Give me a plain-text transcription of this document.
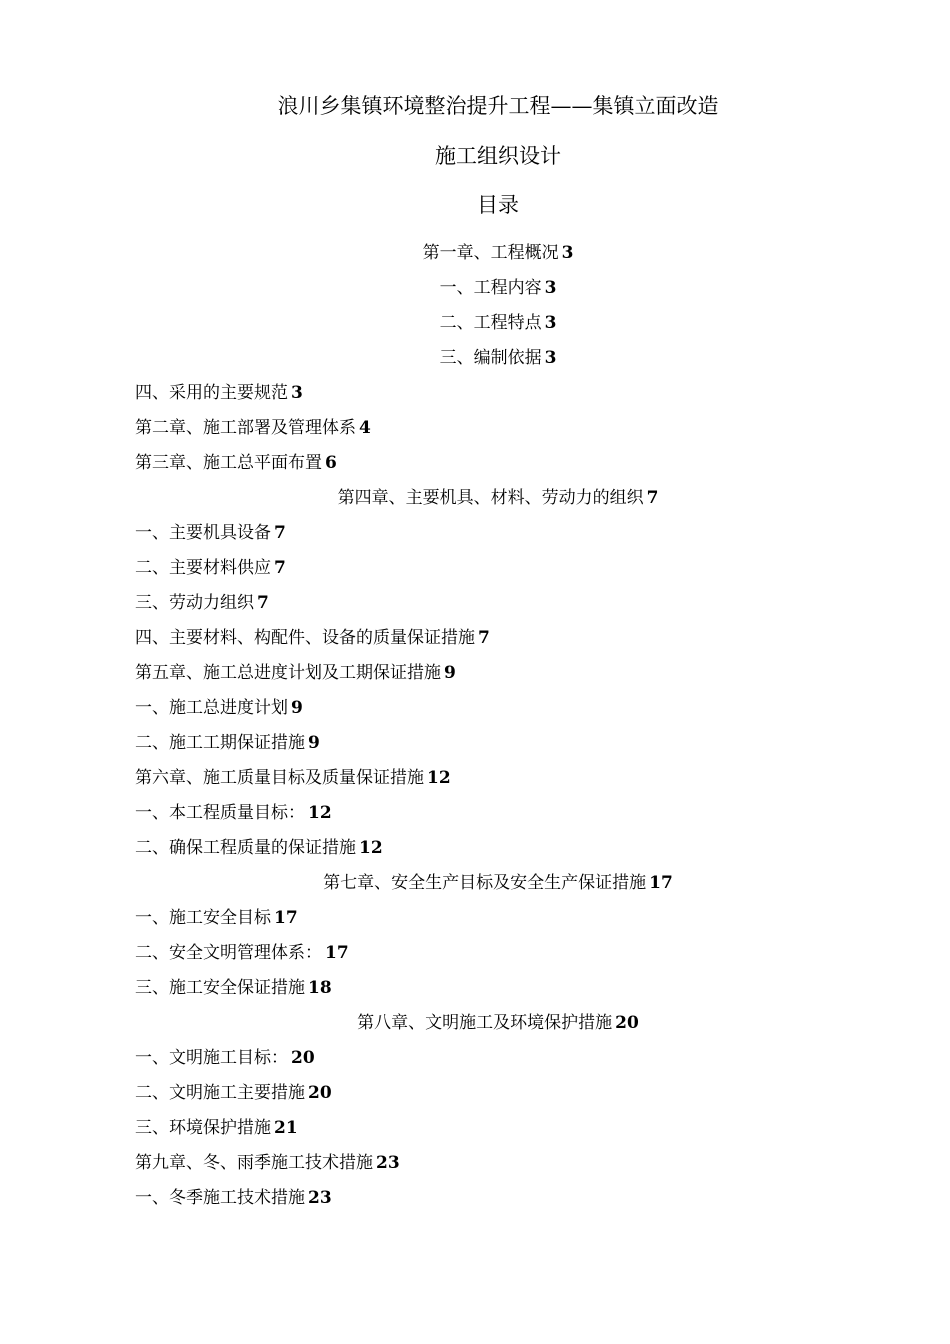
浪川乡集镇环境整治提升工程——集镇立面改造
施工组织设计
目录
第一章、工程概况 3
一、工程内容 3
二、工程特点 3
三、编制依据 3
四、采用的主要规范 3
第二章、施工部署及管理体系 4
第三章、施工总平面布置 6
第四章、主要机具、材料、劳动力的组织 7
一、主要机具设备 7
二、主要材料供应 7
三、劳动力组织 7
四、主要材料、构配件、设备的质量保证措施 7
第五章、施工总进度计划及工期保证措施 9
一、施工总进度计划 9
二、施工工期保证措施 9
第六章、施工质量目标及质量保证措施 12
一、本工程质量目标： 12
二、确保工程质量的保证措施 12
第七章、安全生产目标及安全生产保证措施 17
一、施工安全目标 17
二、安全文明管理体系： 17
三、施工安全保证措施 18
第八章、文明施工及环境保护措施 20
一、文明施工目标： 20
二、文明施工主要措施 20
三、环境保护措施 21
第九章、冬、雨季施工技术措施 23
一、冬季施工技术措施 23
